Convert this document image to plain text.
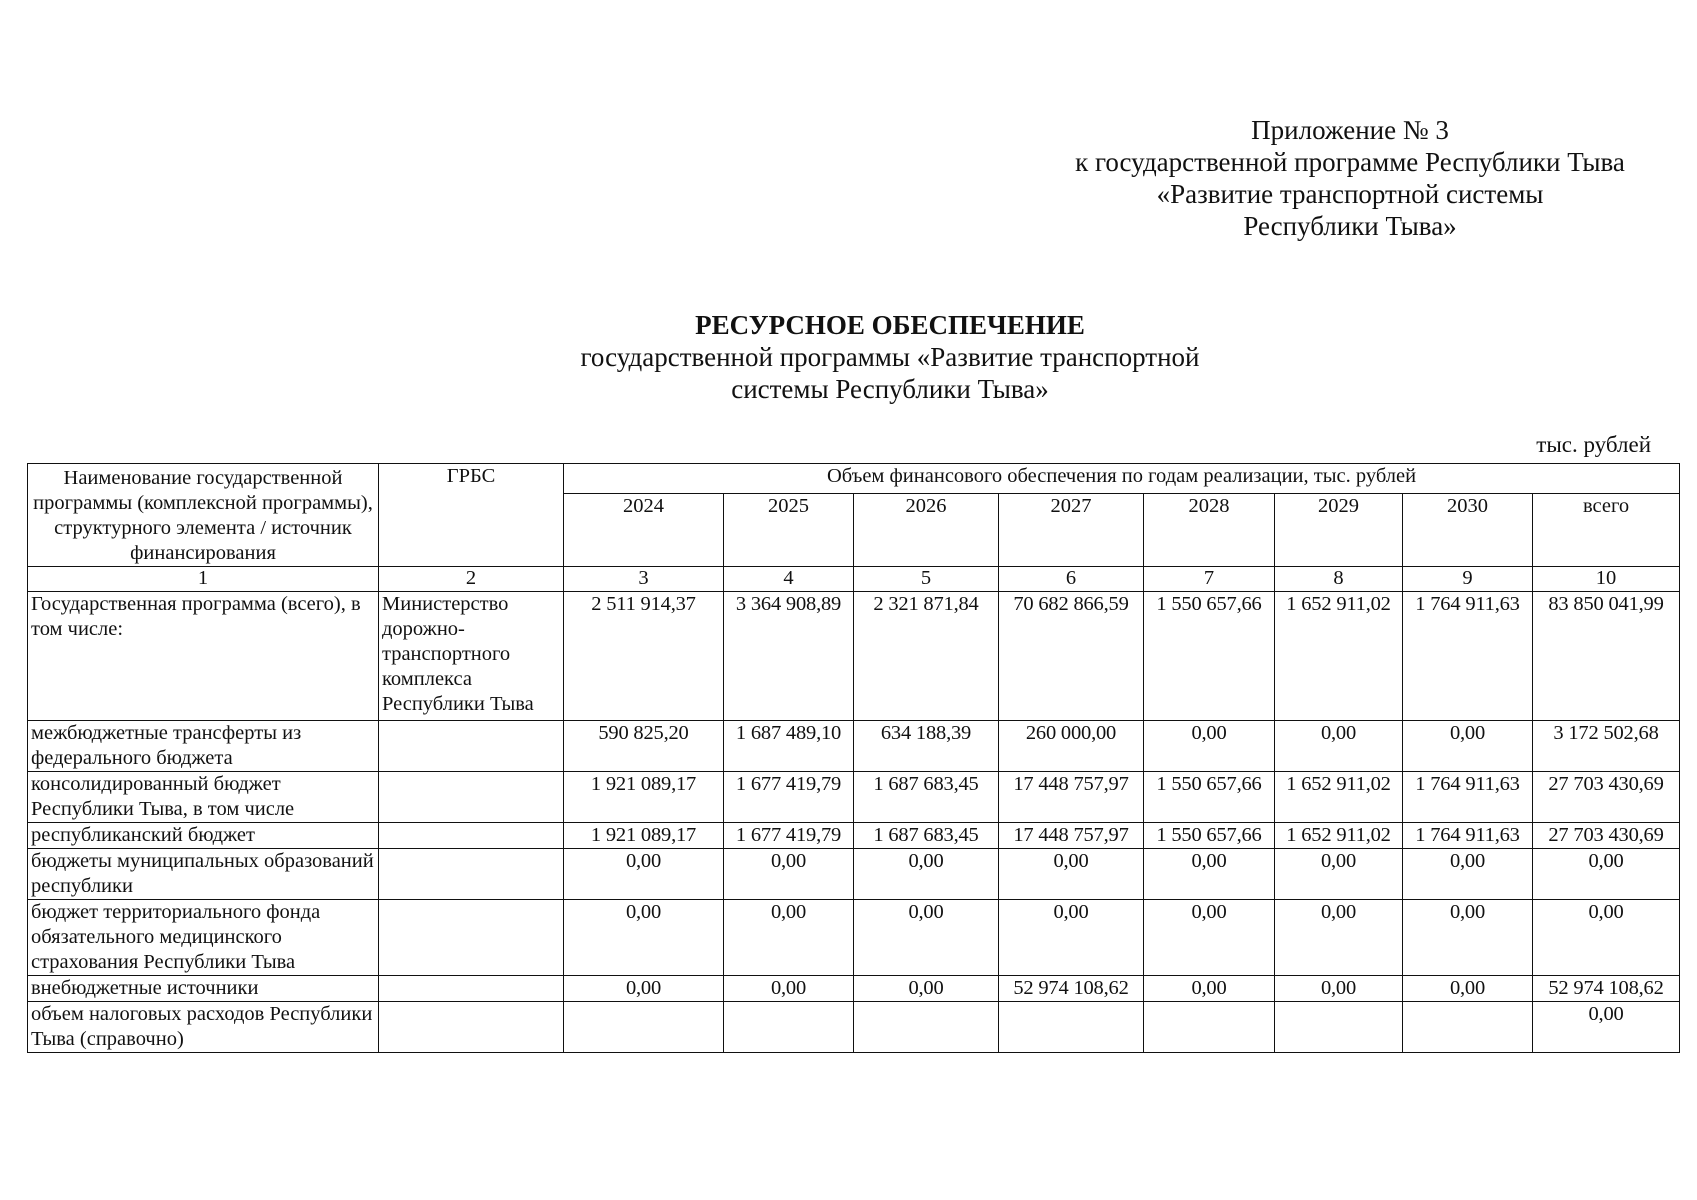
Приложение № 3
к государственной программе Республики Тыва
«Развитие транспортной системы
Республики Тыва»
РЕСУРСНОЕ ОБЕСПЕЧЕНИЕ
государственной программы «Развитие транспортной
системы Республики Тыва»
тыс. рублей
Наименование государственной программы (комплексной программы), структурного элемента / источник финансирования	ГРБС	Объем финансового обеспечения по годам реализации, тыс. рублей							
		2024	2025	2026	2027	2028	2029	2030	всего
1	2	3	4	5	6	7	8	9	10
Государственная программа (всего), в том числе:	Министерство дорожно-транспортного комплекса Республики Тыва	2 511 914,37	3 364 908,89	2 321 871,84	70 682 866,59	1 550 657,66	1 652 911,02	1 764 911,63	83 850 041,99
межбюджетные трансферты из федерального бюджета		590 825,20	1 687 489,10	634 188,39	260 000,00	0,00	0,00	0,00	3 172 502,68
консолидированный бюджет Республики Тыва, в том числе		1 921 089,17	1 677 419,79	1 687 683,45	17 448 757,97	1 550 657,66	1 652 911,02	1 764 911,63	27 703 430,69
республиканский бюджет		1 921 089,17	1 677 419,79	1 687 683,45	17 448 757,97	1 550 657,66	1 652 911,02	1 764 911,63	27 703 430,69
бюджеты муниципальных образований республики		0,00	0,00	0,00	0,00	0,00	0,00	0,00	0,00
бюджет территориального фонда обязательного медицинского страхования Республики Тыва		0,00	0,00	0,00	0,00	0,00	0,00	0,00	0,00
внебюджетные источники		0,00	0,00	0,00	52 974 108,62	0,00	0,00	0,00	52 974 108,62
объем налоговых расходов Республики Тыва (справочно)									0,00
